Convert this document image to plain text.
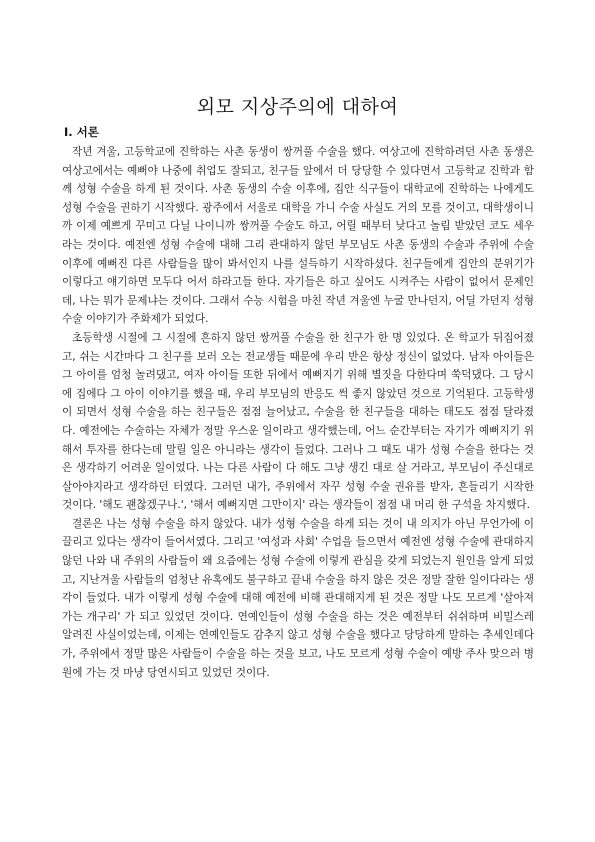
외모 지상주의에 대하여
Ⅰ. 서론

작년 겨울, 고등학교에 진학하는 사촌 동생이 쌍꺼풀 수술을 했다. 여상고에 진학하려던 사촌 동생은 여상고에서는 예뻐야 나중에 취업도 잘되고, 친구들 앞에서 더 당당할 수 있다면서 고등학교 진학과 함께 성형 수술을 하게 된 것이다. 사촌 동생의 수술 이후에, 집안 식구들이 대학교에 진학하는 나에게도 성형 수술을 권하기 시작했다. 광주에서 서울로 대학을 가니 수술 사실도 거의 모를 것이고, 대학생이니까 이제 예쁘게 꾸미고 다닐 나이니까 쌍꺼풀 수술도 하고, 어릴 때부터 낮다고 놀림 받았던 코도 세우라는 것이다. 예전엔 성형 수술에 대해 그리 관대하지 않던 부모님도 사촌 동생의 수술과 주위에 수술 이후에 예뻐진 다른 사람들을 많이 봐서인지 나를 설득하기 시작하셨다. 친구들에게 집안의 분위기가 이렇다고 얘기하면 모두다 어서 하라고들 한다. 자기들은 하고 싶어도 시켜주는 사람이 없어서 문제인데, 나는 뭐가 문제냐는 것이다. 그래서 수능 시험을 마친 작년 겨울엔 누굴 만나던지, 어딜 가던지 성형 수술 이야기가 주화제가 되었다.

초등학생 시절에 그 시절에 흔하지 않던 쌍꺼풀 수술을 한 친구가 한 명 있었다. 온 학교가 뒤집어졌고, 쉬는 시간마다 그 친구를 보러 오는 전교생들 때문에 우리 반은 항상 정신이 없었다. 남자 아이들은 그 아이를 엄청 놀려댔고, 여자 아이들 또한 뒤에서 예뻐지기 위해 별짓을 다한다며 쑥덕댔다. 그 당시에 집에다 그 아이 이야기를 했을 때, 우리 부모님의 반응도 썩 좋지 않았던 것으로 기억된다. 고등학생이 되면서 성형 수술을 하는 친구들은 점점 늘어났고, 수술을 한 친구들을 대하는 태도도 점점 달라졌다. 예전에는 수술하는 자체가 정말 우스운 일이라고 생각했는데, 어느 순간부터는 자기가 예뻐지기 위해서 투자를 한다는데 말릴 일은 아니라는 생각이 들었다. 그러나 그 때도 내가 성형 수술을 한다는 것은 생각하기 어려운 일이었다. 나는 다른 사람이 다 해도 그냥 생긴 대로 살 거라고, 부모님이 주신대로 살아야지라고 생각하던 터였다. 그러던 내가, 주위에서 자꾸 성형 수술 권유를 받자, 흔들리기 시작한 것이다. '해도 괜찮겠구나.', '해서 예뻐지면 그만이지' 라는 생각들이 점점 내 머리 한 구석을 차지했다.

결론은 나는 성형 수술을 하지 않았다. 내가 성형 수술을 하게 되는 것이 내 의지가 아닌 무언가에 이끌리고 있다는 생각이 들어서였다. 그리고 '여성과 사회' 수업을 들으면서 예전엔 성형 수술에 관대하지 않던 나와 내 주위의 사람들이 왜 요즘에는 성형 수술에 이렇게 관심을 갖게 되었는지 원인을 알게 되었고, 지난겨울 사람들의 엄청난 유혹에도 불구하고 끝내 수술을 하지 않은 것은 정말 잘한 일이다라는 생각이 들었다. 내가 이렇게 성형 수술에 대해 예전에 비해 관대해지게 된 것은 정말 나도 모르게 '살아져가는 개구리' 가 되고 있었던 것이다. 연예인들이 성형 수술을 하는 것은 예전부터 쉬쉬하며 비밀스레 알려진 사실이었는데, 이제는 연예인들도 감추지 않고 성형 수술을 했다고 당당하게 말하는 추세인데다가, 주위에서 정말 많은 사람들이 수술을 하는 것을 보고, 나도 모르게 성형 수술이 예방 주사 맞으러 병원에 가는 것 마냥 당연시되고 있었던 것이다.
